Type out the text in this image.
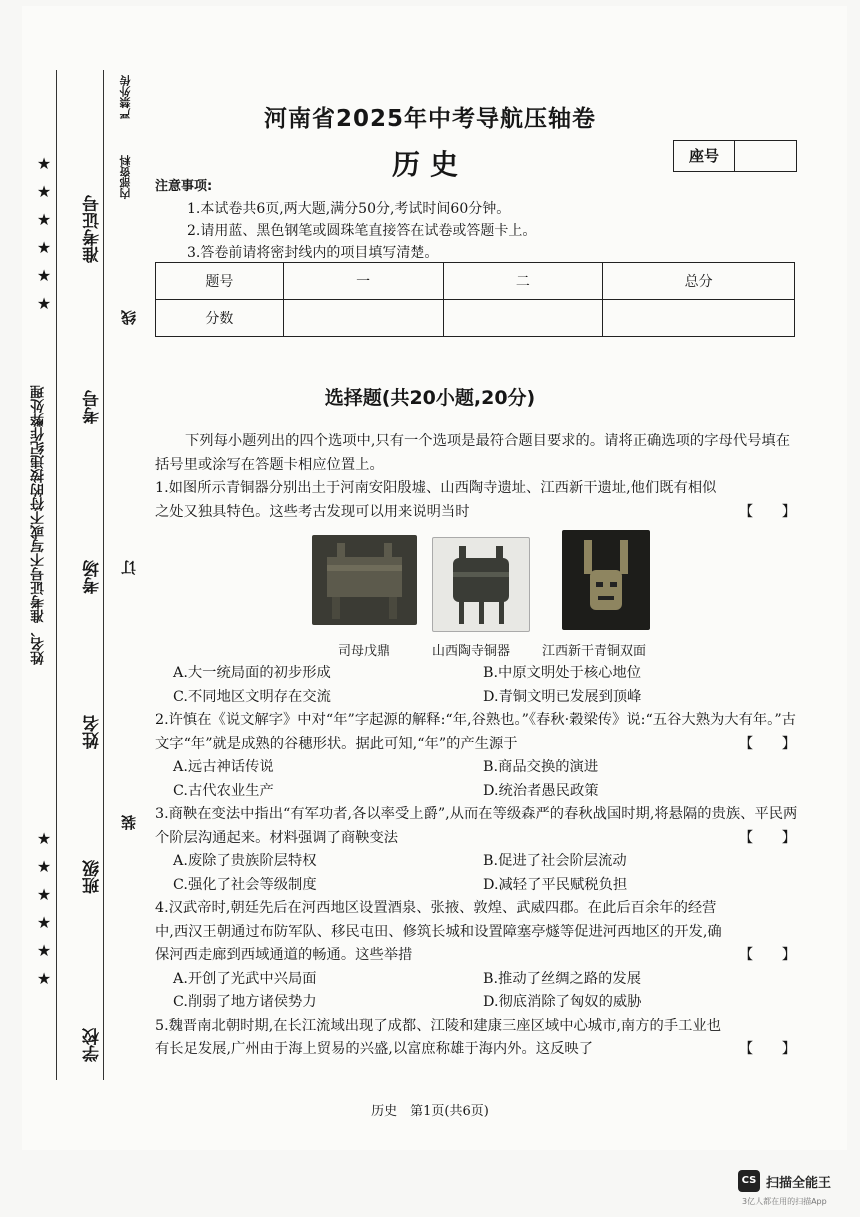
姓名、准考证号不写或不符的按违纪作弊处理
★
★
★
★
★
★
★
★
★
★
★
★
准考证号
考号
考场
姓名
班级
学校
线
订
装
内部资料
严禁外传	河南省2025年中考导航压轴卷
历史	座号
注意事项:
1.本试卷共6页,两大题,满分50分,考试时间60分钟。
2.请用蓝、黑色钢笔或圆珠笔直接答在试卷或答题卡上。
3.答卷前请将密封线内的项目填写清楚。
题号	一	二	总分
分数			
选择题(共20小题,20分)
下列每小题列出的四个选项中,只有一个选项是最符合题目要求的。请将正确选项的字母代号填在括号里或涂写在答题卡相应位置上。
1.如图所示青铜器分别出土于河南安阳殷墟、山西陶寺遗址、江西新干遗址,他们既有相似之处又独具特色。这些考古发现可以用来说明当时	【　　】
司母戊鼎	山西陶寺铜器 江西新干青铜双面
A.大一统局面的初步形成	B.中原文明处于核心地位
C.不同地区文明存在交流	D.青铜文明已发展到顶峰
2.许慎在《说文解字》中对“年”字起源的解释:“年,谷熟也。”《春秋·穀梁传》说:“五谷大熟为大有年。”古文字“年”就是成熟的谷穗形状。据此可知,“年”的产生源于	【　　】
A.远古神话传说	B.商品交换的演进
C.古代农业生产	D.统治者愚民政策
3.商鞅在变法中指出“有军功者,各以率受上爵”,从而在等级森严的春秋战国时期,将悬隔的贵族、平民两个阶层沟通起来。材料强调了商鞅变法	【　　】
A.废除了贵族阶层特权	B.促进了社会阶层流动
C.强化了社会等级制度	D.减轻了平民赋税负担
4.汉武帝时,朝廷先后在河西地区设置酒泉、张掖、敦煌、武威四郡。在此后百余年的经营中,西汉王朝通过布防军队、移民屯田、修筑长城和设置障塞亭燧等促进河西地区的开发,确保河西走廊到西域通道的畅通。这些举措	【　　】
A.开创了光武中兴局面	B.推动了丝绸之路的发展
C.削弱了地方诸侯势力	D.彻底消除了匈奴的威胁
5.魏晋南北朝时期,在长江流域出现了成都、江陵和建康三座区域中心城市,南方的手工业也有长足发展,广州由于海上贸易的兴盛,以富庶称雄于海内外。这反映了	【　　】
历史　第1页(共6页)
CS 扫描全能王
3亿人都在用的扫描App
